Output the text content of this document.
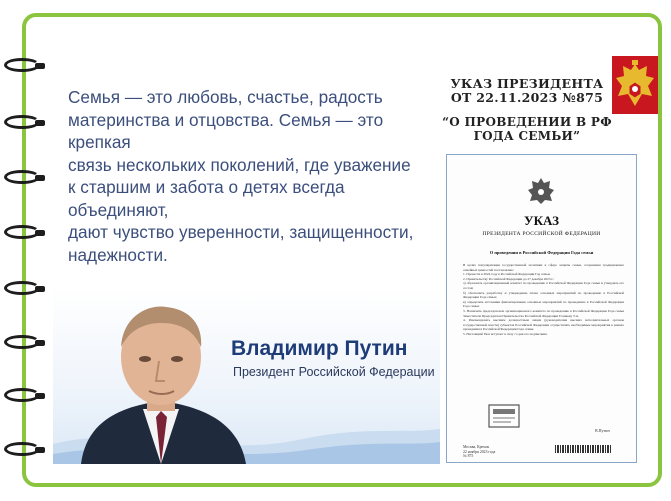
Семья — это любовь, счастье, радость
материнства и отцовства. Семья — это крепкая
связь нескольких поколений, где уважение
к старшим и забота о детях всегда объединяют,
дают чувство уверенности, защищенности,
надежности.
Владимир Путин
Президент Российской Федерации
УКАЗ ПРЕЗИДЕНТА
ОТ 22.11.2023 №875
“О ПРОВЕДЕНИИ В РФ
ГОДА СЕМЬИ”
УКАЗ
ПРЕЗИДЕНТА РОССИЙСКОЙ ФЕДЕРАЦИИ
О проведении в Российской Федерации Года семьи
В целях популяризации государственной политики в сфере защиты семьи, сохранения традиционных семейных ценностей постановляю:
1. Провести в 2024 году в Российской Федерации Год семьи.
2. Правительству Российской Федерации до 27 декабря 2023 г.:
а) образовать организационный комитет по проведению в Российской Федерации Года семьи и утвердить его состав;
б) обеспечить разработку и утверждение плана основных мероприятий по проведению в Российской Федерации Года семьи;
в) определить источники финансирования основных мероприятий по проведению в Российской Федерации Года семьи.
3. Назначить председателем организационного комитета по проведению в Российской Федерации Года семьи Заместителя Председателя Правительства Российской Федерации Голикову Т.А.
4. Рекомендовать высшим должностным лицам (руководителям высших исполнительных органов государственной власти) субъектов Российской Федерации осуществлять необходимые мероприятия в рамках проведения в Российской Федерации Года семьи.
5. Настоящий Указ вступает в силу со дня его подписания.
В.Путин
Москва, Кремль
22 ноября 2023 года
№ 875
